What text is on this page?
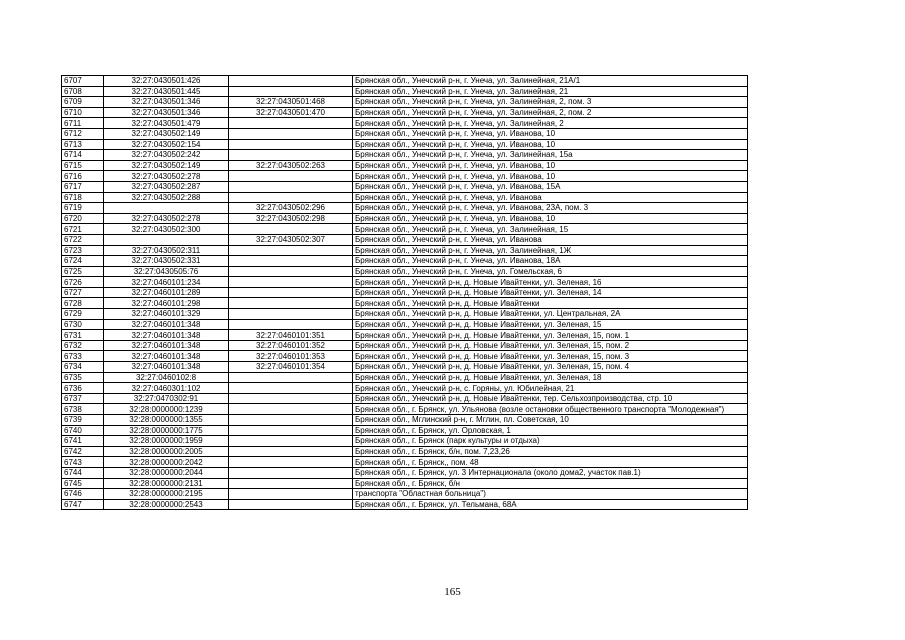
6707	32:27:0430501:426		Брянская обл., Унечский р-н, г. Унеча, ул. Залинейная, 21А/1
6708	32:27:0430501:445		Брянская обл., Унечский р-н, г. Унеча, ул. Залинейная, 21
6709	32:27:0430501:346	32:27:0430501:468	Брянская обл., Унечский р-н, г. Унеча, ул. Залинейная, 2, пом. 3
6710	32:27:0430501:346	32:27:0430501:470	Брянская обл., Унечский р-н, г. Унеча, ул. Залинейная, 2, пом. 2
6711	32:27:0430501:479		Брянская обл., Унечский р-н, г. Унеча, ул. Залинейная, 2
6712	32:27:0430502:149		Брянская обл., Унечский р-н, г. Унеча, ул. Иванова, 10
6713	32:27:0430502:154		Брянская обл., Унечский р-н, г. Унеча, ул. Иванова, 10
6714	32:27:0430502:242		Брянская обл., Унечский р-н, г. Унеча, ул. Залинейная, 15а
6715	32:27:0430502:149	32:27:0430502:263	Брянская обл., Унечский р-н, г. Унеча, ул. Иванова, 10
6716	32:27:0430502:278		Брянская обл., Унечский р-н, г. Унеча, ул. Иванова, 10
6717	32:27:0430502:287		Брянская обл., Унечский р-н, г. Унеча, ул. Иванова, 15А
6718	32:27:0430502:288		Брянская обл., Унечский р-н, г. Унеча, ул. Иванова
6719		32:27:0430502:296	Брянская обл., Унечский р-н, г. Унеча, ул. Иванова, 23А, пом. 3
6720	32:27:0430502:278	32:27:0430502:298	Брянская обл., Унечский р-н, г. Унеча, ул. Иванова, 10
6721	32:27:0430502:300		Брянская обл., Унечский р-н, г. Унеча, ул. Залинейная, 15
6722		32:27:0430502:307	Брянская обл., Унечский р-н, г. Унеча, ул. Иванова
6723	32:27:0430502:311		Брянская обл., Унечский р-н, г. Унеча, ул. Залинейная, 1Ж
6724	32:27:0430502:331		Брянская обл., Унечский р-н, г. Унеча, ул. Иванова, 18А
6725	32:27:0430505:76		Брянская обл., Унечский р-н, г. Унеча, ул. Гомельская, 6
6726	32:27:0460101:234		Брянская обл., Унечский р-н, д. Новые Ивайтенки, ул. Зеленая, 16
6727	32:27:0460101:289		Брянская обл., Унечский р-н, д. Новые Ивайтенки, ул. Зеленая, 14
6728	32:27:0460101:298		Брянская обл., Унечский р-н, д. Новые Ивайтенки
6729	32:27:0460101:329		Брянская обл., Унечский р-н, д. Новые Ивайтенки, ул. Центральная, 2А
6730	32:27:0460101:348		Брянская обл., Унечский р-н, д. Новые Ивайтенки, ул. Зеленая, 15
6731	32:27:0460101:348	32:27:0460101:351	Брянская обл., Унечский р-н, д. Новые Ивайтенки, ул. Зеленая, 15, пом. 1
6732	32:27:0460101:348	32:27:0460101:352	Брянская обл., Унечский р-н, д. Новые Ивайтенки, ул. Зеленая, 15, пом. 2
6733	32:27:0460101:348	32:27:0460101:353	Брянская обл., Унечский р-н, д. Новые Ивайтенки, ул. Зеленая, 15, пом. 3
6734	32:27:0460101:348	32:27:0460101:354	Брянская обл., Унечский р-н, д. Новые Ивайтенки, ул. Зеленая, 15, пом. 4
6735	32:27:0460102:8		Брянская обл., Унечский р-н, д. Новые Ивайтенки, ул. Зеленая, 18
6736	32:27:0460301:102		Брянская обл., Унечский р-н, с. Горяны, ул. Юбилейная, 21
6737	32:27:0470302:91		Брянская обл., Унечский р-н, д. Новые Ивайтенки, тер. Сельхозпроизводства, стр. 10
6738	32:28:0000000:1239		Брянская обл., г. Брянск, ул. Ульянова (возле остановки общественного транспорта "Молодежная")
6739	32:28:0000000:1355		Брянская обл., Мглинский р-н, г. Мглин, пл. Советская, 10
6740	32:28:0000000:1775		Брянская обл., г. Брянск, ул. Орловская, 1
6741	32:28:0000000:1959		Брянская обл., г. Брянск (парк культуры и отдыха)
6742	32:28:0000000:2005		Брянская обл., г. Брянск, б/н, пом. 7,23,26
6743	32:28:0000000:2042		Брянская обл., г. Брянск,, пом. 48
6744	32:28:0000000:2044		Брянская обл., г. Брянск, ул. 3 Интернационала (около дома2, участок пав.1)
6745	32:28:0000000:2131		Брянская обл., г. Брянск, б/н
6746	32:28:0000000:2195		транспорта "Областная больница")
6747	32:28:0000000:2543		Брянская обл., г. Брянск, ул. Тельмана, 68А
165
